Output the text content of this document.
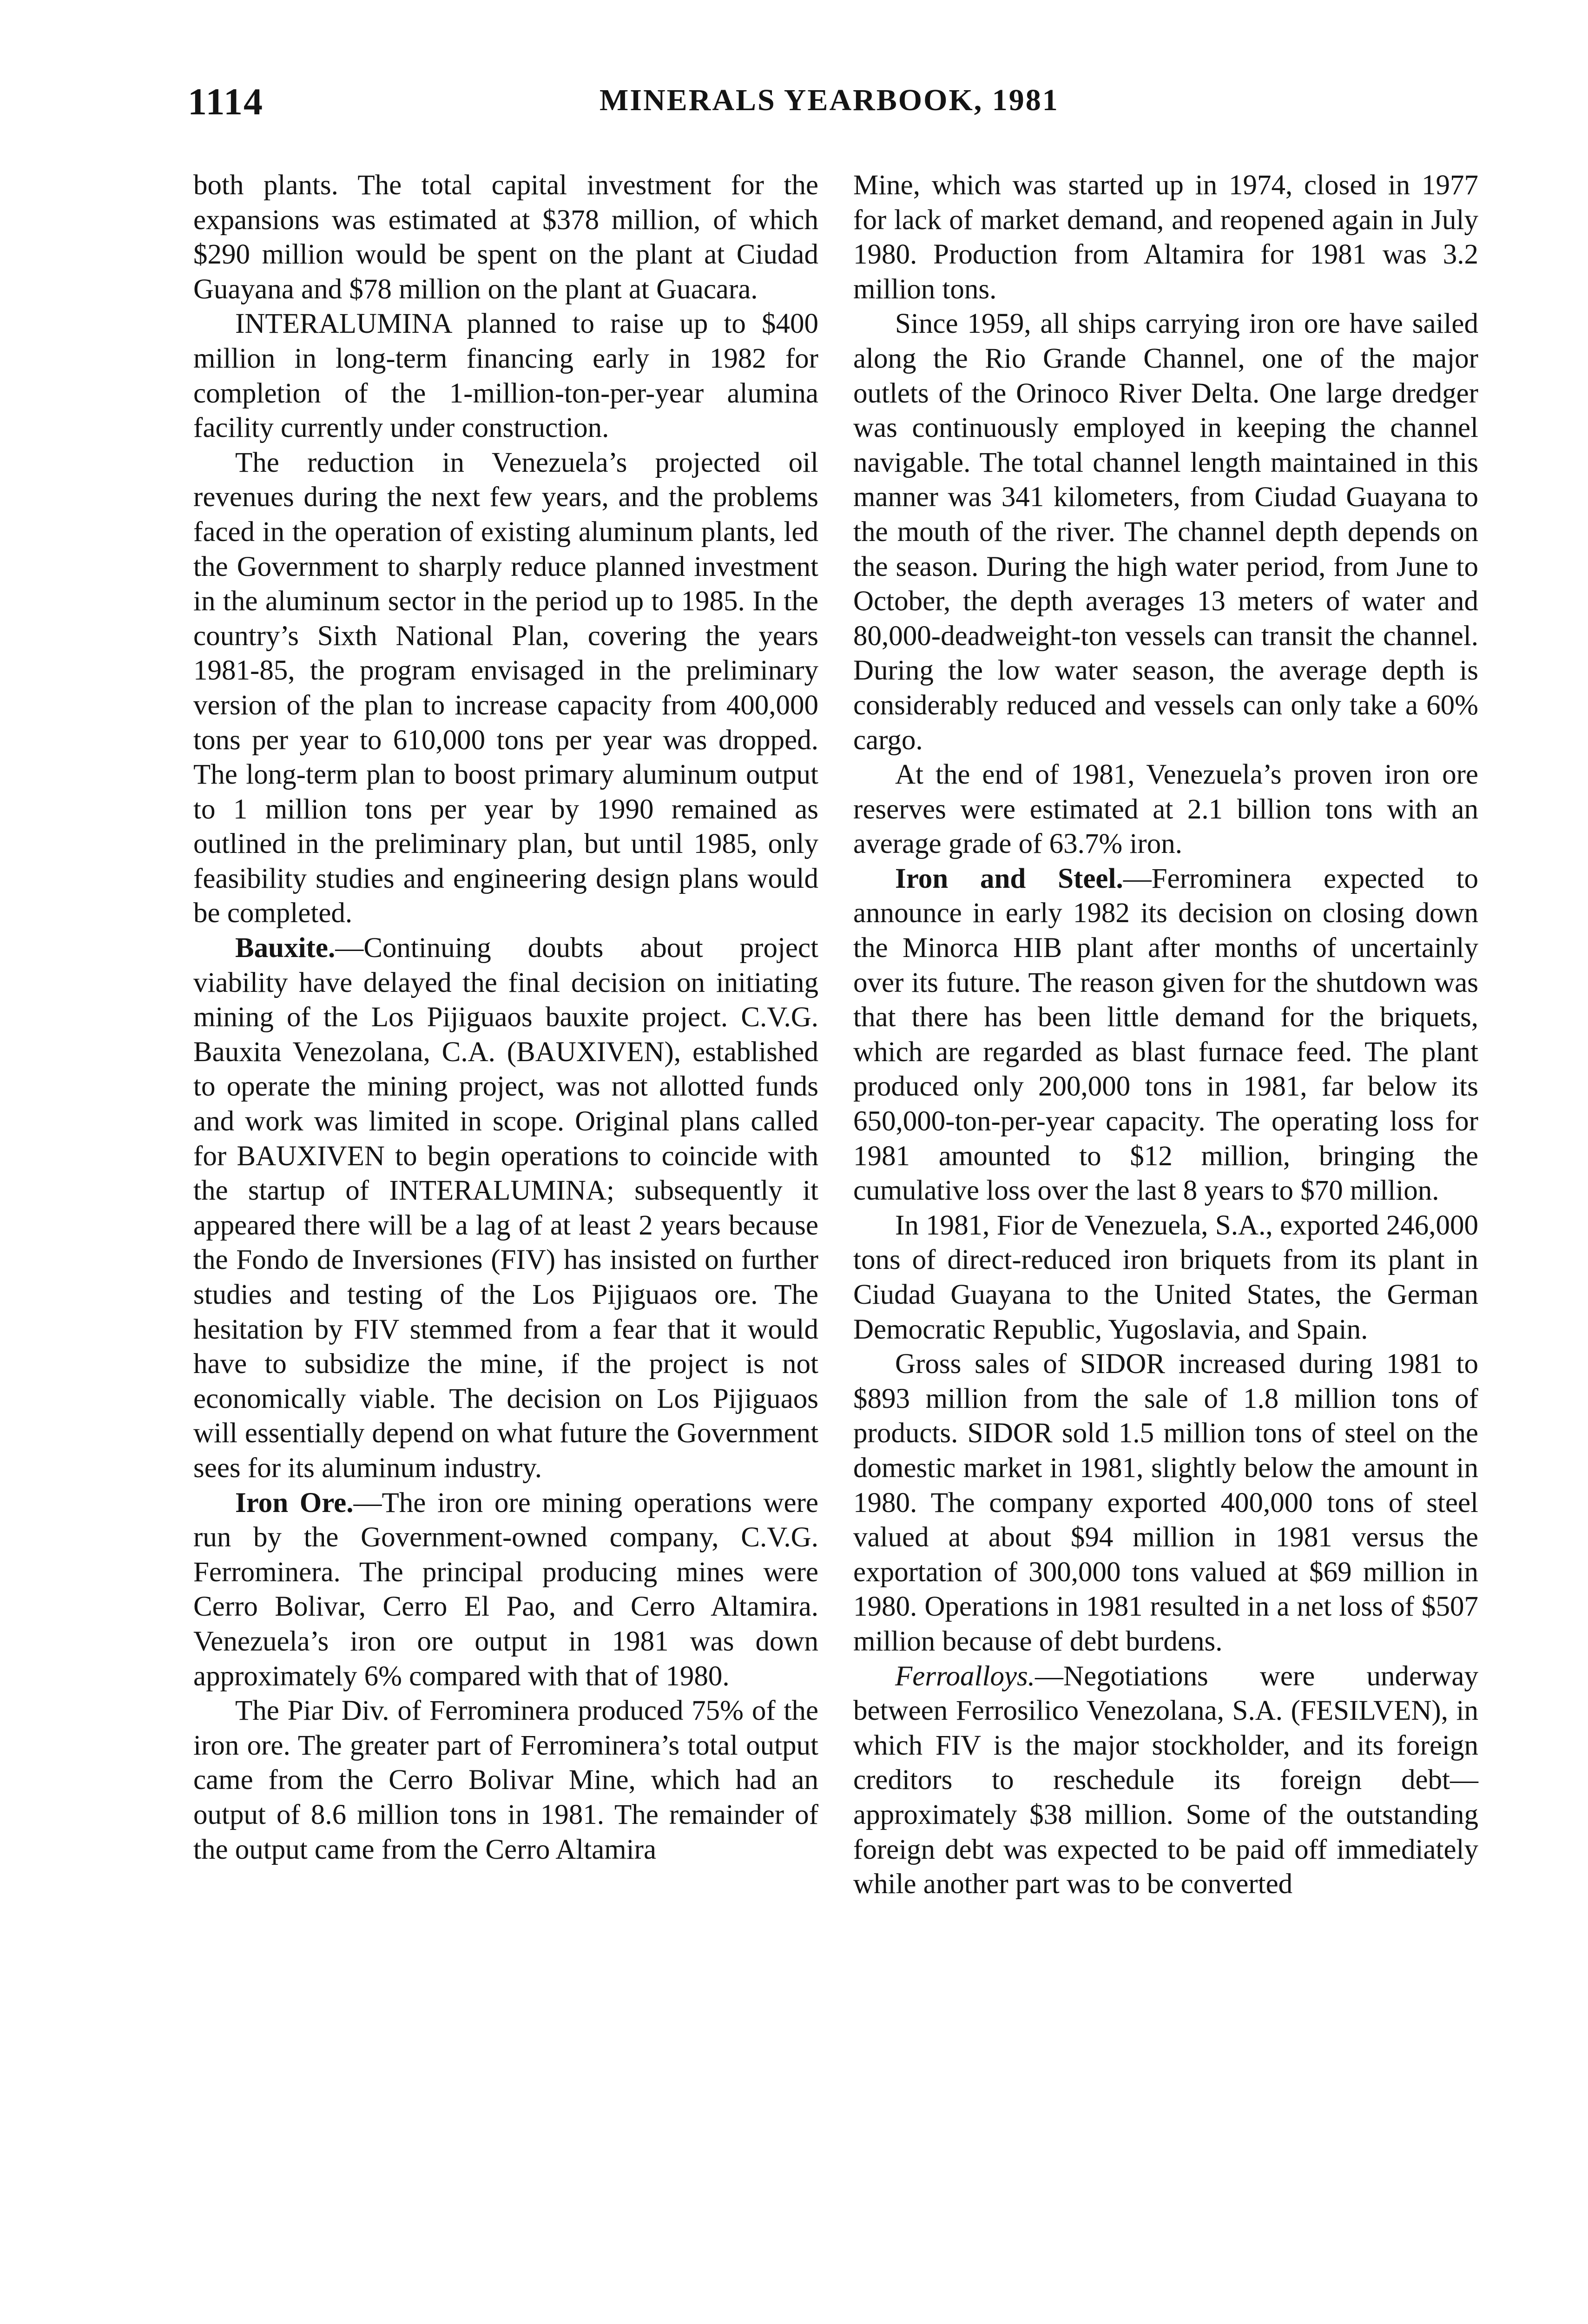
1114	MINERALS YEARBOOK, 1981

both plants. The total capital investment for the expansions was estimated at $378 million, of which $290 million would be spent on the plant at Ciudad Guayana and $78 million on the plant at Guacara.

INTERALUMINA planned to raise up to $400 million in long-term financing early in 1982 for completion of the 1-million-ton-per-year alumina facility currently under construction.

The reduction in Venezuela’s projected oil revenues during the next few years, and the problems faced in the operation of existing aluminum plants, led the Government to sharply reduce planned investment in the aluminum sector in the period up to 1985. In the country’s Sixth National Plan, covering the years 1981-85, the program envisaged in the preliminary version of the plan to increase capacity from 400,000 tons per year to 610,000 tons per year was dropped. The long-term plan to boost primary aluminum output to 1 million tons per year by 1990 remained as outlined in the preliminary plan, but until 1985, only feasibility studies and engineering design plans would be completed.

Bauxite.—Continuing doubts about project viability have delayed the final decision on initiating mining of the Los Pijiguaos bauxite project. C.V.G. Bauxita Venezolana, C.A. (BAUXIVEN), established to operate the mining project, was not allotted funds and work was limited in scope. Original plans called for BAUXIVEN to begin operations to coincide with the startup of INTERALUMINA; subsequently it appeared there will be a lag of at least 2 years because the Fondo de Inversiones (FIV) has insisted on further studies and testing of the Los Pijiguaos ore. The hesitation by FIV stemmed from a fear that it would have to subsidize the mine, if the project is not economically viable. The decision on Los Pijiguaos will essentially depend on what future the Government sees for its aluminum industry.

Iron Ore.—The iron ore mining operations were run by the Government-owned company, C.V.G. Ferrominera. The principal producing mines were Cerro Bolivar, Cerro El Pao, and Cerro Altamira. Venezuela’s iron ore output in 1981 was down approximately 6% compared with that of 1980.

The Piar Div. of Ferrominera produced 75% of the iron ore. The greater part of Ferrominera’s total output came from the Cerro Bolivar Mine, which had an output of 8.6 million tons in 1981. The remainder of the output came from the Cerro Altamira

Mine, which was started up in 1974, closed in 1977 for lack of market demand, and reopened again in July 1980. Production from Altamira for 1981 was 3.2 million tons.

Since 1959, all ships carrying iron ore have sailed along the Rio Grande Channel, one of the major outlets of the Orinoco River Delta. One large dredger was continuously employed in keeping the channel navigable. The total channel length maintained in this manner was 341 kilometers, from Ciudad Guayana to the mouth of the river. The channel depth depends on the season. During the high water period, from June to October, the depth averages 13 meters of water and 80,000-deadweight-ton vessels can transit the channel. During the low water season, the average depth is considerably reduced and vessels can only take a 60% cargo.

At the end of 1981, Venezuela’s proven iron ore reserves were estimated at 2.1 billion tons with an average grade of 63.7% iron.

Iron and Steel.—Ferrominera expected to announce in early 1982 its decision on closing down the Minorca HIB plant after months of uncertainly over its future. The reason given for the shutdown was that there has been little demand for the briquets, which are regarded as blast furnace feed. The plant produced only 200,000 tons in 1981, far below its 650,000-ton-per-year capacity. The operating loss for 1981 amounted to $12 million, bringing the cumulative loss over the last 8 years to $70 million.

In 1981, Fior de Venezuela, S.A., exported 246,000 tons of direct-reduced iron briquets from its plant in Ciudad Guayana to the United States, the German Democratic Republic, Yugoslavia, and Spain.

Gross sales of SIDOR increased during 1981 to $893 million from the sale of 1.8 million tons of products. SIDOR sold 1.5 million tons of steel on the domestic market in 1981, slightly below the amount in 1980. The company exported 400,000 tons of steel valued at about $94 million in 1981 versus the exportation of 300,000 tons valued at $69 million in 1980. Operations in 1981 resulted in a net loss of $507 million because of debt burdens.

Ferroalloys.—Negotiations were underway between Ferrosilico Venezolana, S.A. (FESILVEN), in which FIV is the major stockholder, and its foreign creditors to reschedule its foreign debt—approximately $38 million. Some of the outstanding foreign debt was expected to be paid off immediately while another part was to be converted
